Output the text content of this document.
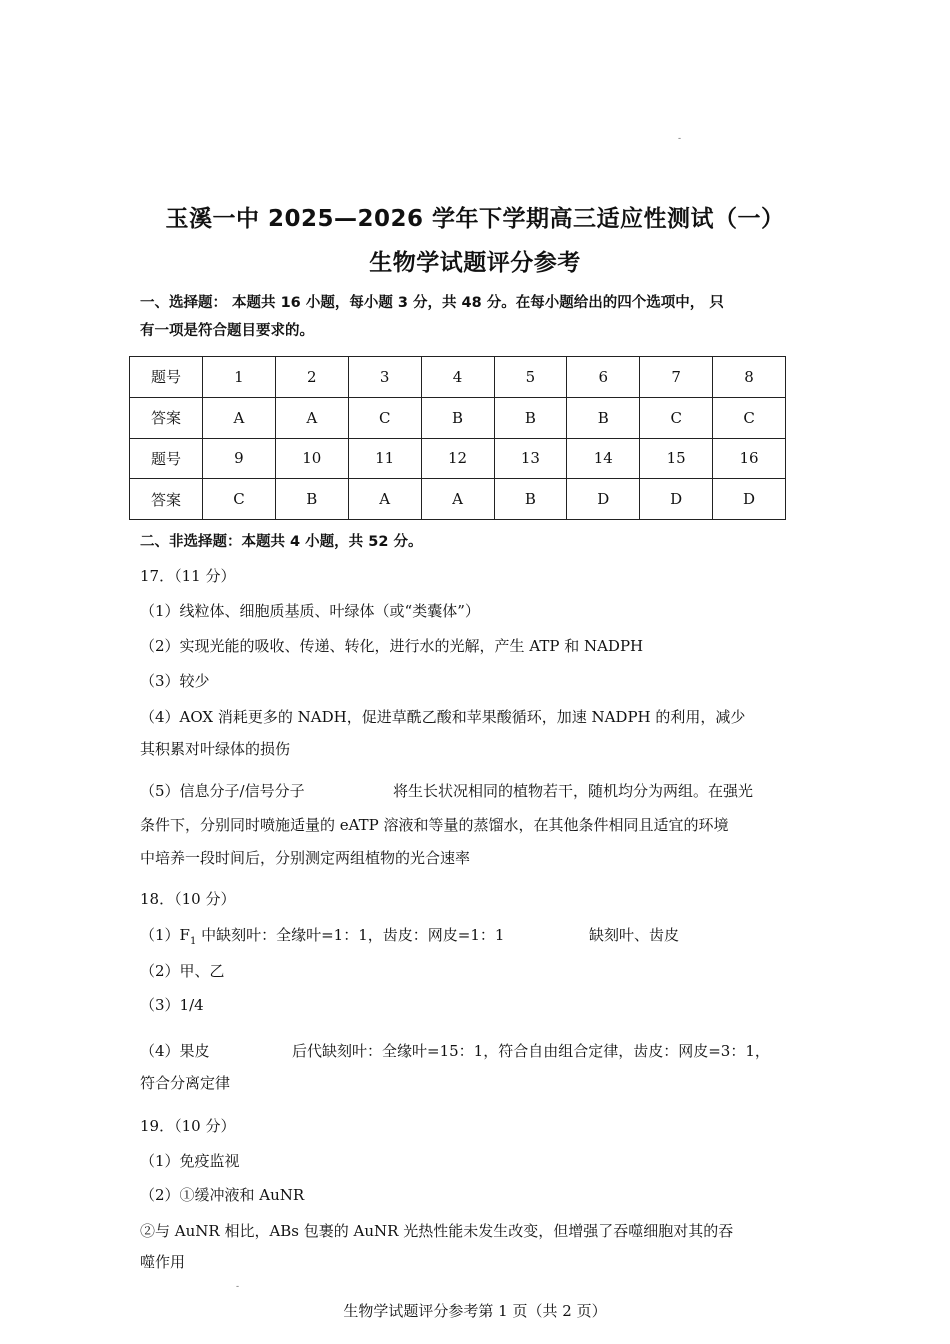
-
-
玉溪一中 2025—2026 学年下学期高三适应性测试（一）
生物学试题评分参考
一、选择题： 本题共 16 小题，每小题 3 分，共 48 分。在每小题给出的四个选项中， 只
有一项是符合题目要求的。
题号	1	2	3	4	5	6	7	8
答案	A	A	C	B	B	B	C	C
题号	9	10	11	12	13	14	15	16
答案	C	B	A	A	B	D	D	D
二、非选择题：本题共 4 小题，共 52 分。
17．（11 分）
（1）线粒体、细胞质基质、叶绿体（或“类囊体”）
（2）实现光能的吸收、传递、转化，进行水的光解，产生 ATP 和 NADPH
（3）较少
（4）AOX 消耗更多的 NADH，促进草酰乙酸和苹果酸循环，加速 NADPH 的利用，减少
其积累对叶绿体的损伤
（5）信息分子/信号分子	将生长状况相同的植物若干，随机均分为两组。在强光
条件下，分别同时喷施适量的 eATP 溶液和等量的蒸馏水，在其他条件相同且适宜的环境
中培养一段时间后，分别测定两组植物的光合速率
18．（10 分）
$(1)F_1$ 中缺刻叶：全缘叶=1：1，齿皮：网皮=1：1	缺刻叶、齿皮
（2）甲、乙
（3）1/4
（4）果皮	后代缺刻叶：全缘叶=15：1，符合自由组合定律，齿皮：网皮=3：1，
符合分离定律
19．（10 分）
（1）免疫监视
（2）①缓冲液和 AuNR
②与 AuNR 相比，ABs 包裹的 AuNR 光热性能未发生改变，但增强了吞噬细胞对其的吞
噬作用
生物学试题评分参考第 1 页（共 2 页）
